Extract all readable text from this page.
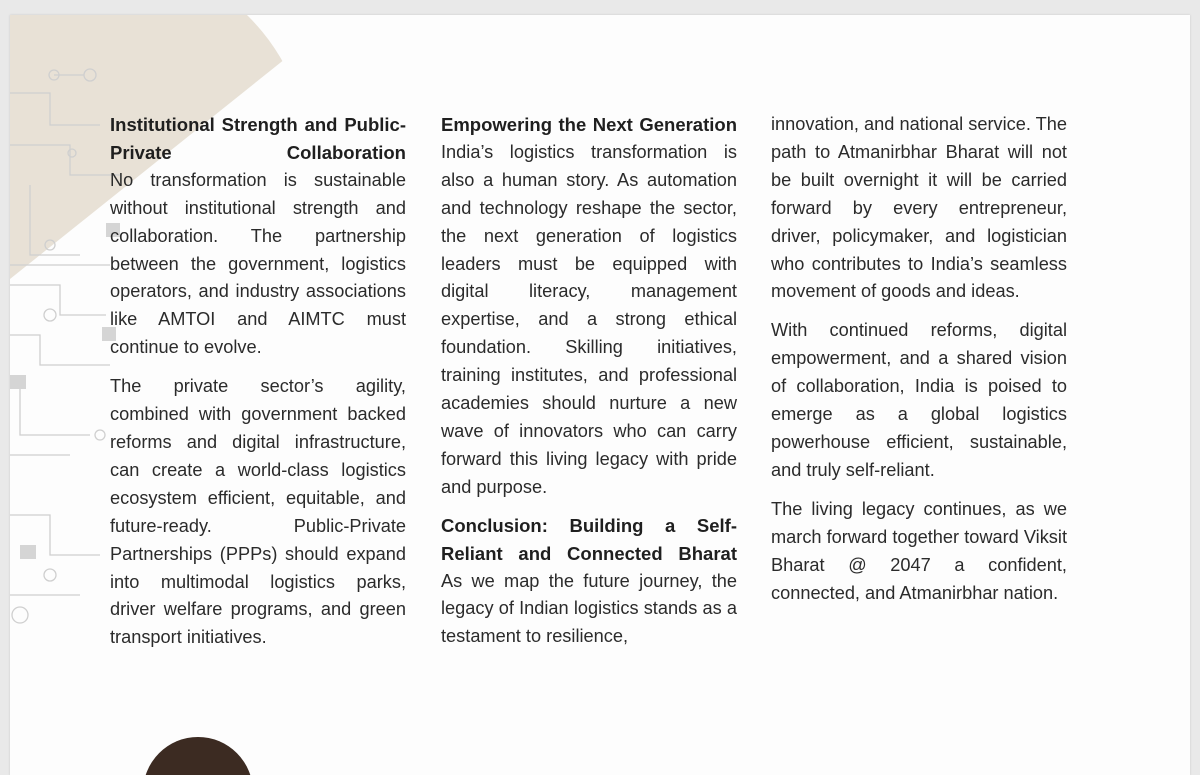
Institutional Strength and Public-Private Collaboration

No transformation is sustainable without institutional strength and collaboration. The partnership between the government, logistics operators, and industry associations like AMTOI and AIMTC must continue to evolve.

The private sector’s agility, combined with government backed reforms and digital infrastructure, can create a world-class logistics ecosystem efficient, equitable, and future-ready. Public-Private Partnerships (PPPs) should expand into multimodal logistics parks, driver welfare programs, and green transport initiatives.

Empowering the Next Generation

India’s logistics transformation is also a human story. As automation and technology reshape the sector, the next generation of logistics leaders must be equipped with digital literacy, management expertise, and a strong ethical foundation. Skilling initiatives, training institutes, and professional academies should nurture a new wave of innovators who can carry forward this living legacy with pride and purpose.

Conclusion: Building a Self-Reliant and Connected Bharat

As we map the future journey, the legacy of Indian logistics stands as a testament to resilience,

innovation, and national service. The path to Atmanirbhar Bharat will not be built overnight it will be carried forward by every entrepreneur, driver, policymaker, and logistician who contributes to India’s seamless movement of goods and ideas.

With continued reforms, digital empowerment, and a shared vision of collaboration, India is poised to emerge as a global logistics powerhouse efficient, sustainable, and truly self-reliant.

The living legacy continues, as we march forward together toward Viksit Bharat @ 2047 a confident, connected, and Atmanirbhar nation.
